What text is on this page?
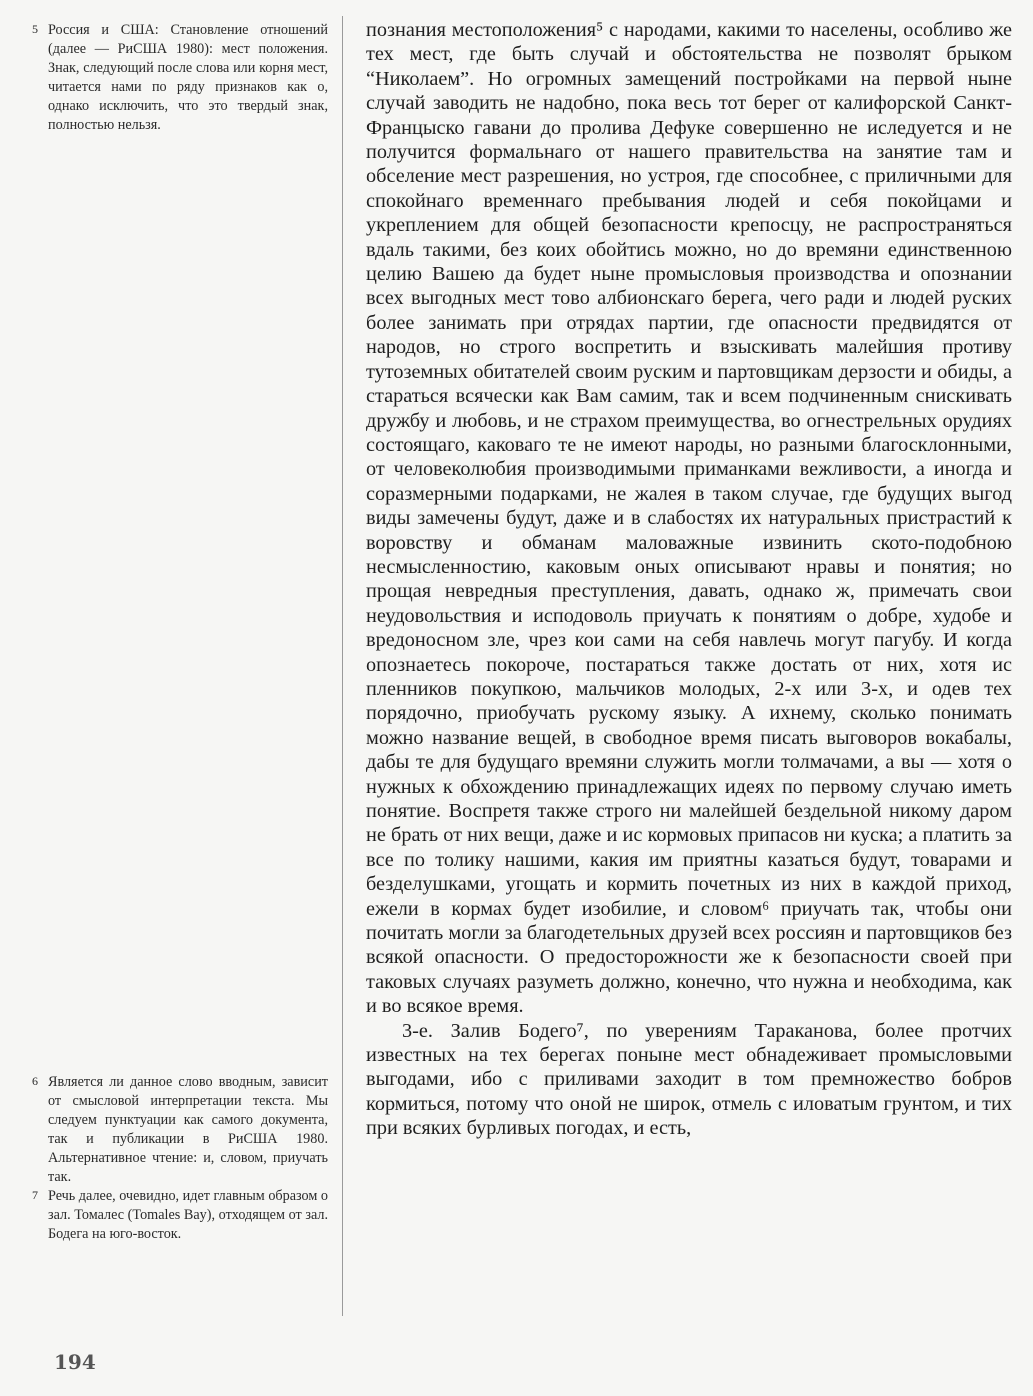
5 Россия и США: Становление отношений (далее — РиСША 1980): мест положения. Знак, следующий после слова или корня мест, читается нами по ряду признаков как о, однако исключить, что это твердый знак, полностью нельзя.
6 Является ли данное слово вводным, зависит от смысловой интерпретации текста. Мы следуем пунктуации как самого документа, так и публикации в РиСША 1980. Альтернативное чтение: и, словом, приучать так.
7 Речь далее, очевидно, идет главным образом о зал. Томалес (Tomales Bay), отходящем от зал. Бодега на юго-восток.

познания местоположения⁵ с народами, какими то населены, особливо же тех мест, где быть случай и обстоятельства не позволят брыком “Николаем”. Но огромных замещений постройками на первой ныне случай заводить не надобно, пока весь тот берег от калифорской Санкт-Францыско гавани до пролива Дефуке совершенно не иследуется и не получится формальнаго от нашего правительства на занятие там и обселение мест разрешения, но устроя, где способнее, с приличными для спокойнаго временнаго пребывания людей и себя покойцами и укреплением для общей безопасности крепосцу, не распространяться вдаль такими, без коих обойтись можно, но до времяни единственною целию Вашею да будет ныне промысловыя производства и опознании всех выгодных мест тово албионскаго берега, чего ради и людей руских более занимать при отрядах партии, где опасности предвидятся от народов, но строго воспретить и взыскивать малейшия противу тутоземных обитателей своим руским и партовщикам дерзости и обиды, а стараться всячески как Вам самим, так и всем подчиненным снискивать дружбу и любовь, и не страхом преимущества, во огнестрельных орудиях состоящаго, каковаго те не имеют народы, но разными благосклонными, от человеколюбия производимыми приманками вежливости, а иногда и соразмерными подарками, не жалея в таком случае, где будущих выгод виды замечены будут, даже и в слабостях их натуральных пристрастий к воровству и обманам маловажные извинить ското-подобною несмысленностию, каковым оных описывают нравы и понятия; но прощая невредныя преступления, давать, однако ж, примечать свои неудовольствия и исподоволь приучать к понятиям о добре, худобе и вредоносном зле, чрез кои сами на себя навлечь могут пагубу. И когда опознаетесь покороче, постараться также достать от них, хотя ис пленников покупкою, мальчиков молодых, 2-х или 3-х, и одев тех порядочно, приобучать рускому языку. А ихнему, сколько понимать можно название вещей, в свободное время писать выговоров вокабалы, дабы те для будущаго времяни служить могли толмачами, а вы — хотя о нужных к обхождению принадлежащих идеях по первому случаю иметь понятие. Воспретя также строго ни малейшей бездельной никому даром не брать от них вещи, даже и ис кормовых припасов ни куска; а платить за все по толику нашими, какия им приятны казаться будут, товарами и безделушками, угощать и кормить почетных из них в каждой приход, ежели в кормах будет изобилие, и словом⁶ приучать так, чтобы они почитать могли за благодетельных друзей всех россиян и партовщиков без всякой опасности. О предосторожности же к безопасности своей при таковых случаях разуметь должно, конечно, что нужна и необходима, как и во всякое время.

3-е. Залив Бодего⁷, по уверениям Тараканова, более протчих известных на тех берегах поныне мест обнадеживает промысловыми выгодами, ибо с приливами заходит в том премножество бобров кормиться, потому что оной не широк, отмель с иловатым грунтом, и тих при всяких бурливых погодах, и есть,

194
